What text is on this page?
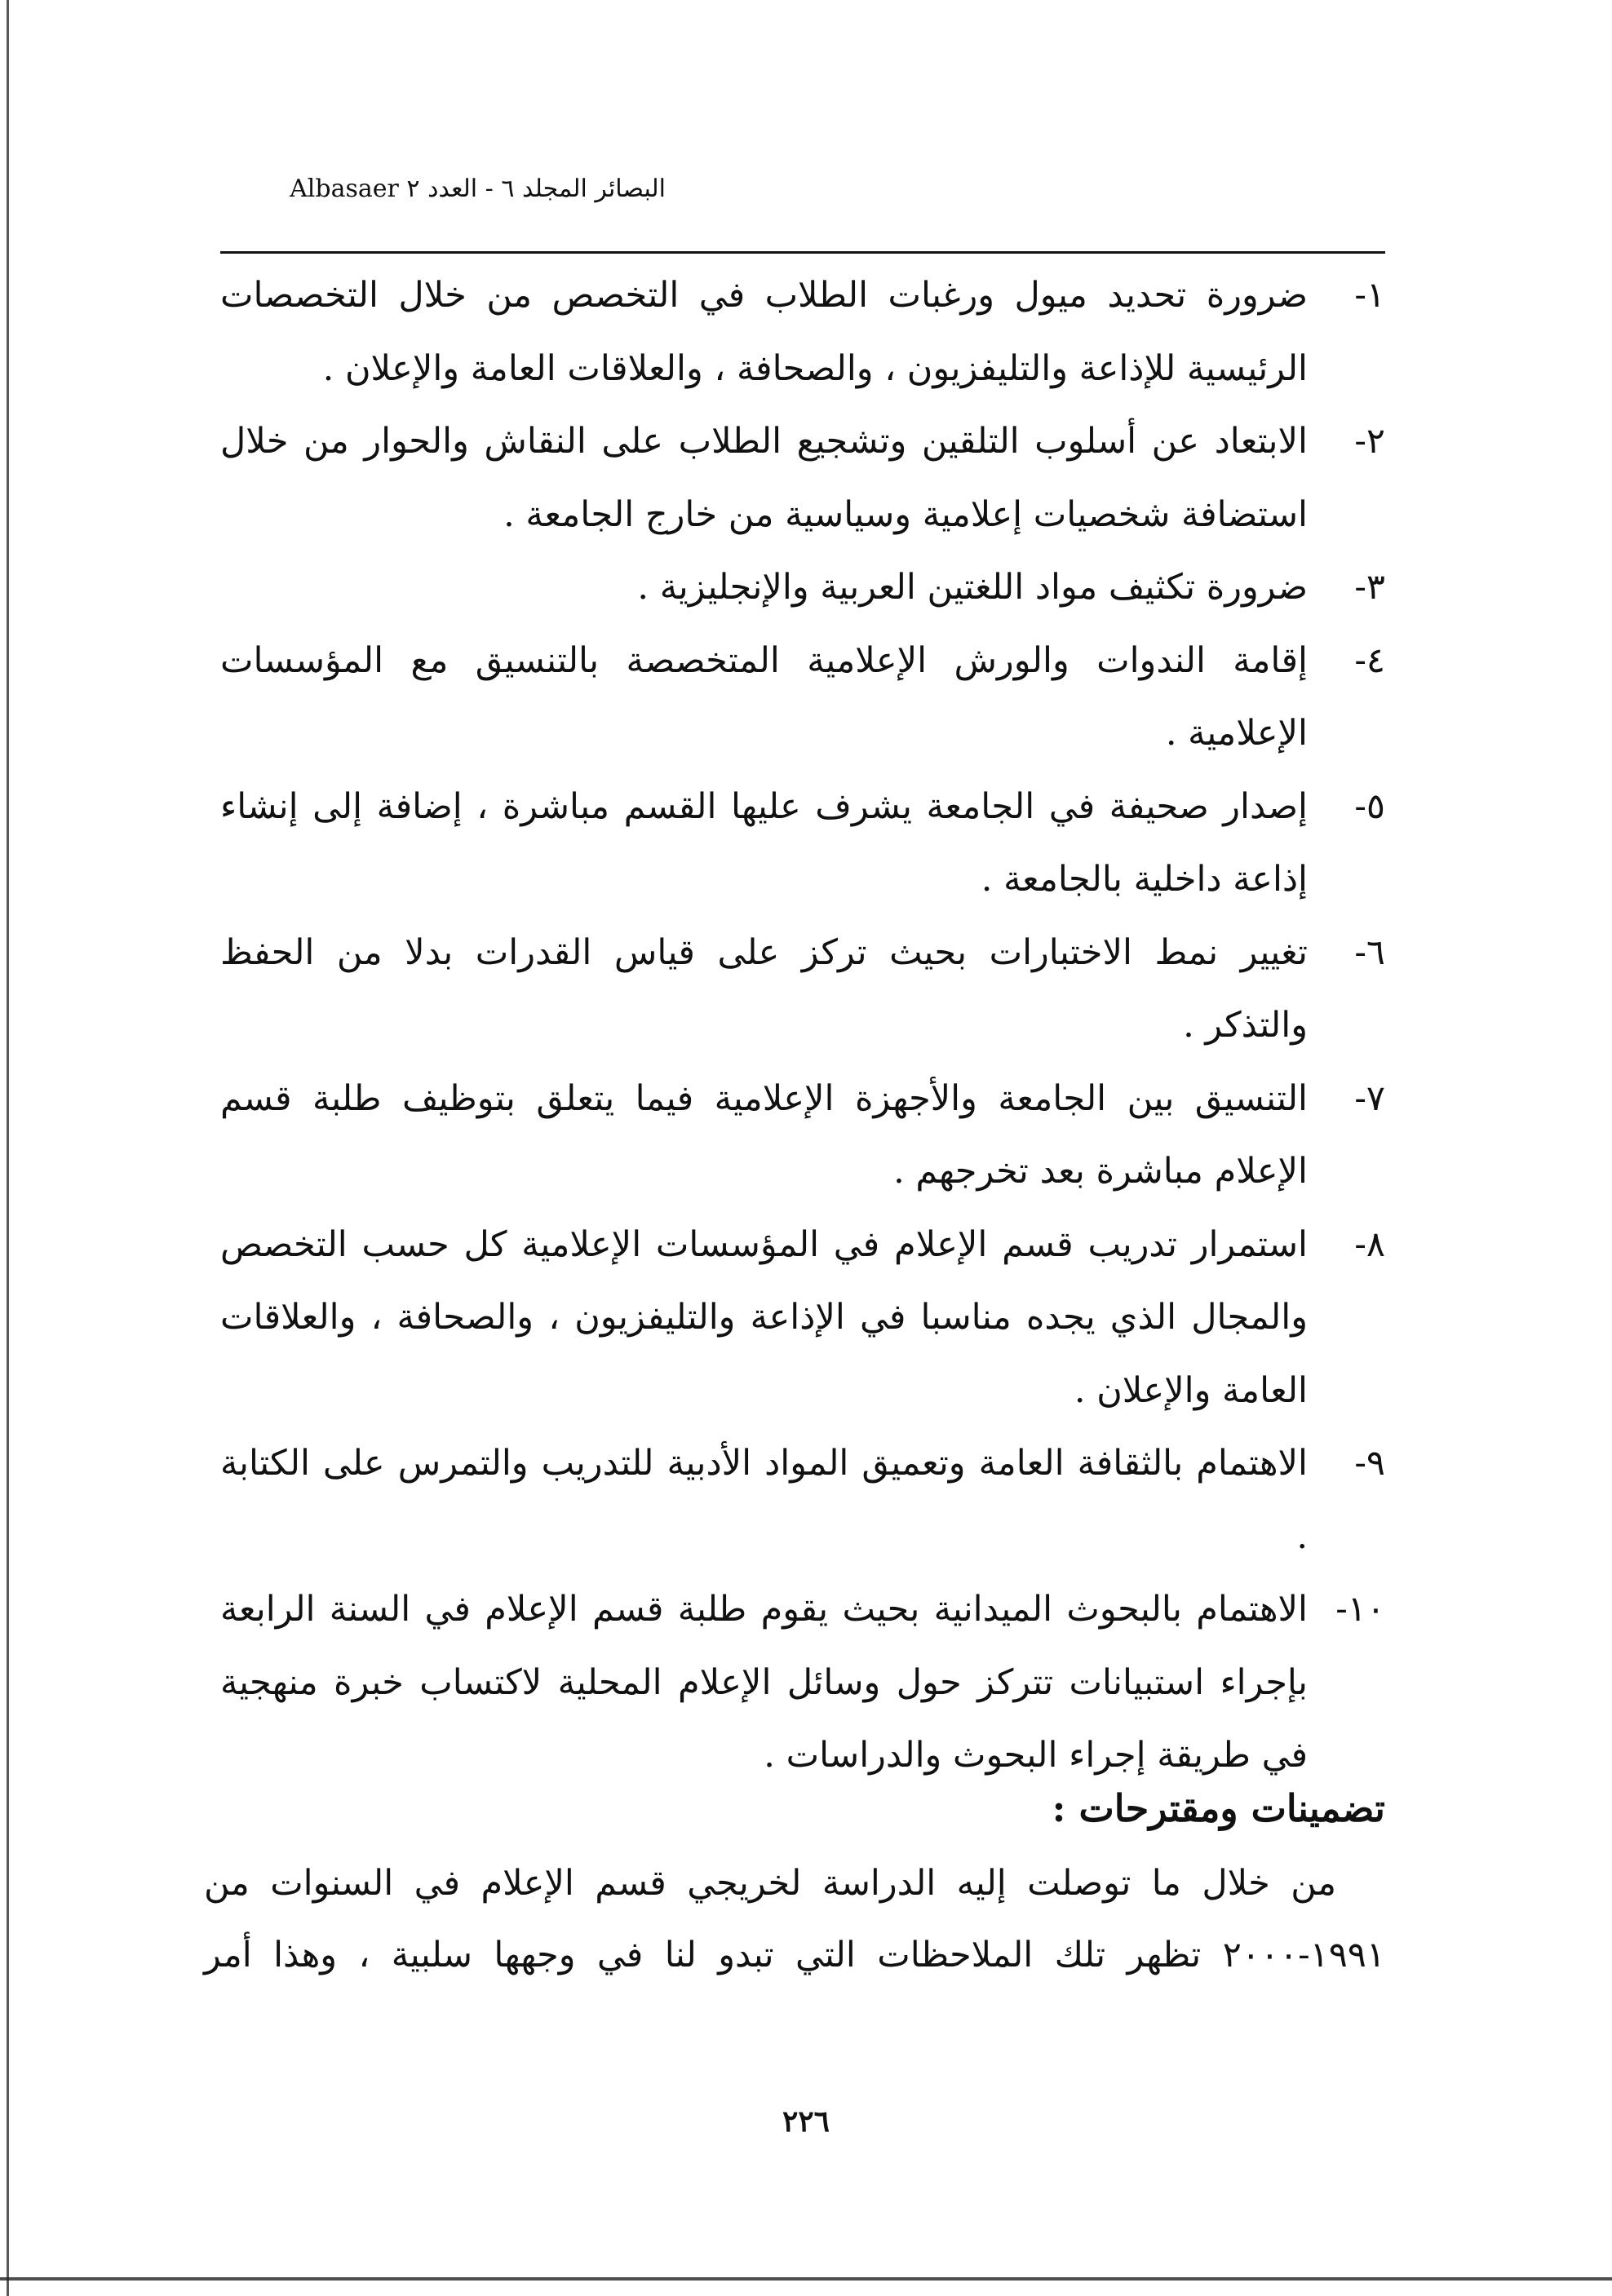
البصائر المجلد ٦ - العدد ٢ Albasaer

١-ضرورة تحديد ميول ورغبات الطلاب في التخصص من خلال التخصصات الرئيسية للإذاعة والتليفزيون ، والصحافة ، والعلاقات العامة والإعلان .

٢-الابتعاد عن أسلوب التلقين وتشجيع الطلاب على النقاش والحوار من خلال استضافة شخصيات إعلامية وسياسية من خارج الجامعة .

٣-ضرورة تكثيف مواد اللغتين العربية والإنجليزية .

٤-إقامة الندوات والورش الإعلامية المتخصصة بالتنسيق مع المؤسسات الإعلامية .

٥-إصدار صحيفة في الجامعة يشرف عليها القسم مباشرة ، إضافة إلى إنشاء إذاعة داخلية بالجامعة .

٦-تغيير نمط الاختبارات بحيث تركز على قياس القدرات بدلا من الحفظ والتذكر .

٧-التنسيق بين الجامعة والأجهزة الإعلامية فيما يتعلق بتوظيف طلبة قسم الإعلام مباشرة بعد تخرجهم .

٨-استمرار تدريب قسم الإعلام في المؤسسات الإعلامية كل حسب التخصص والمجال الذي يجده مناسبا في الإذاعة والتليفزيون ، والصحافة ، والعلاقات العامة والإعلان .

٩-الاهتمام بالثقافة العامة وتعميق المواد الأدبية للتدريب والتمرس على الكتابة .

١٠-الاهتمام بالبحوث الميدانية بحيث يقوم طلبة قسم الإعلام في السنة الرابعة بإجراء استبيانات تتركز حول وسائل الإعلام المحلية لاكتساب خبرة منهجية في طريقة إجراء البحوث والدراسات .

تضمينات ومقترحات :
من خلال ما توصلت إليه الدراسة لخريجي قسم الإعلام في السنوات من ١٩٩١-٢٠٠٠ تظهر تلك الملاحظات التي تبدو لنا في وجهها سلبية ، وهذا أمر
٢٢٦
